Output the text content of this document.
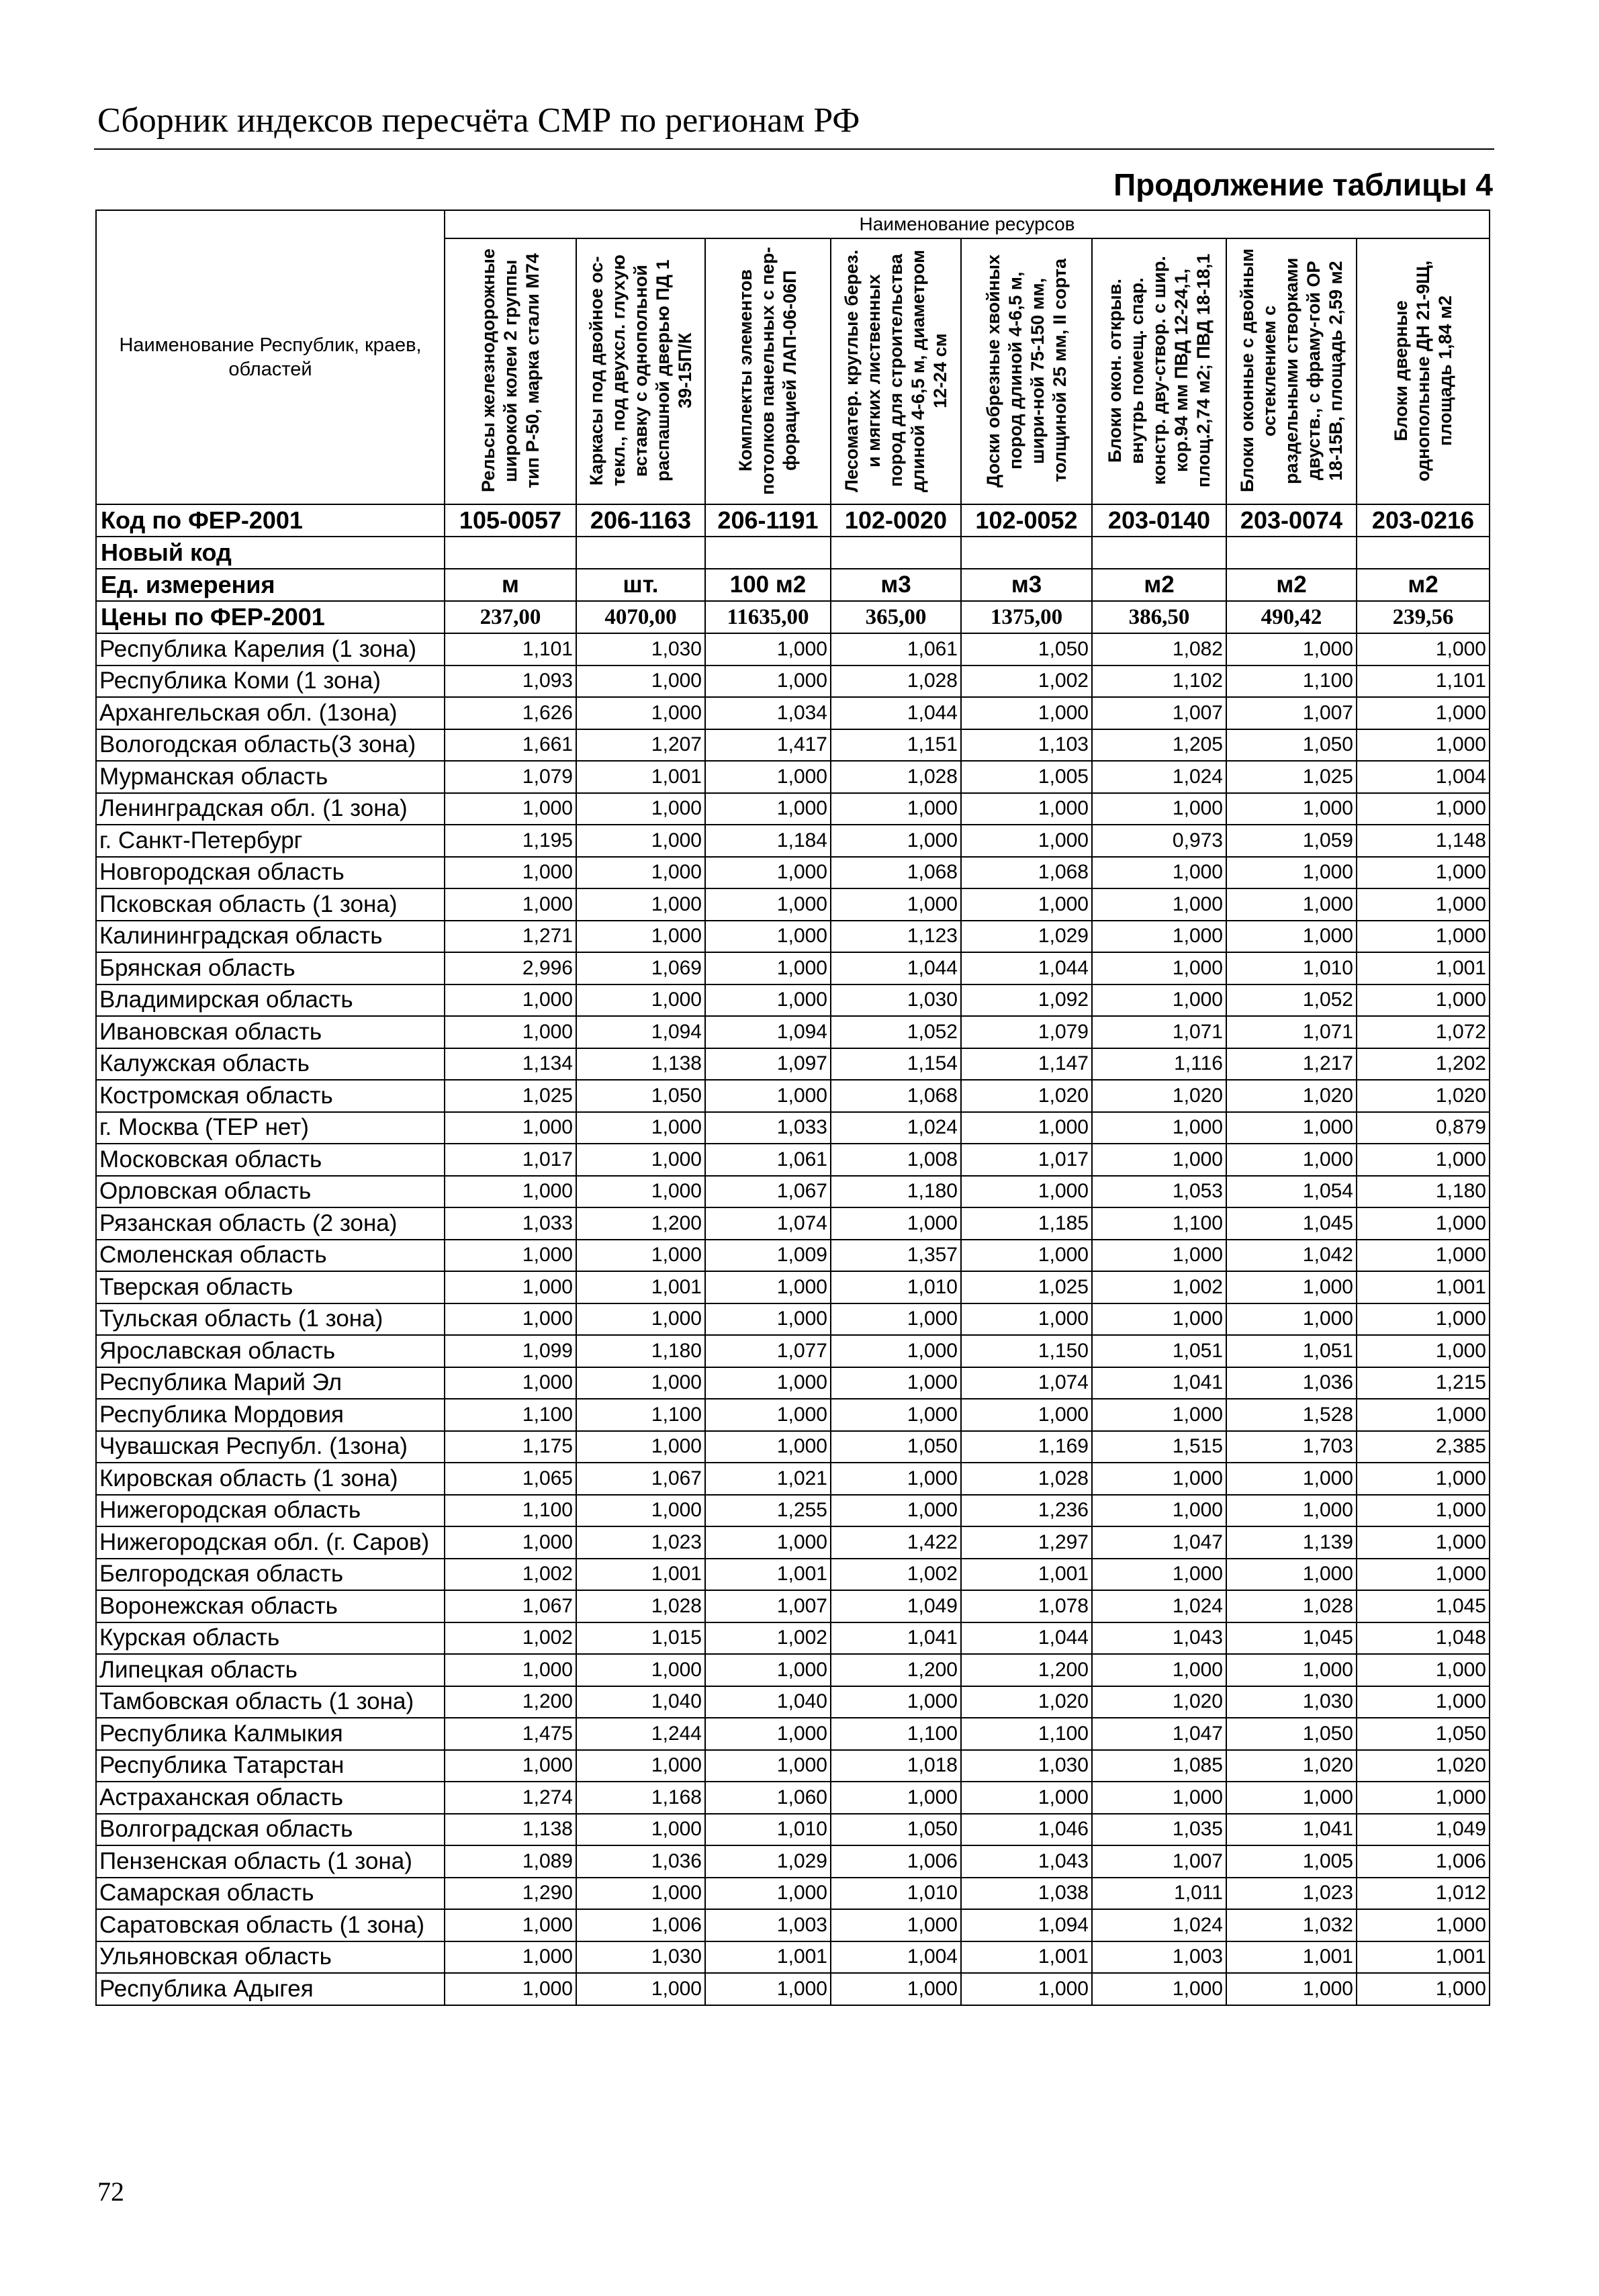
Сборник индексов пересчёта СМР по регионам РФ
Продолжение таблицы 4
Наименование Республик, краев, областей	Наименование ресурсов							
	Рельсы железнодорожные широкой колеи 2 группы тип Р-50, марка стали М74	Каркасы под двойное ос-текл., под двухсл. глухую вставку с однопольной распашной дверью ПД 1 39-15П/К	Комплекты элементов потолков панельных с пер-форацией ЛАП-06-06П	Лесоматер. круглые берез. и мягких лиственных пород для строительства длиной 4-6,5 м, диаметром 12-24 см	Доски обрезные хвойных пород длиной 4-6,5 м, шири-ной 75-150 мм, толщиной 25 мм, II сорта	Блоки окон. открыв. внутрь помещ. спар. констр. дву-створ. с шир. кор.94 мм ПВД 12-24,1, площ.2,74 м2; ПВД 18-18,1	Блоки оконные с двойным остеклением с раздельными створками двуств., с фраму-гой ОР 18-15В, площадь 2,59 м2	Блоки дверные однопольные ДН 21-9Щ, площадь 1,84 м2
Код по ФЕР-2001	105-0057	206-1163	206-1191	102-0020	102-0052	203-0140	203-0074	203-0216
Новый код								
Ед. измерения	м	шт.	100 м2	м3	м3	м2	м2	м2
Цены по ФЕР-2001	237,00	4070,00	11635,00	365,00	1375,00	386,50	490,42	239,56
Республика Карелия (1 зона)	1,101	1,030	1,000	1,061	1,050	1,082	1,000	1,000
Республика Коми (1 зона)	1,093	1,000	1,000	1,028	1,002	1,102	1,100	1,101
Архангельская обл. (1зона)	1,626	1,000	1,034	1,044	1,000	1,007	1,007	1,000
Вологодская область(3 зона)	1,661	1,207	1,417	1,151	1,103	1,205	1,050	1,000
Мурманская область	1,079	1,001	1,000	1,028	1,005	1,024	1,025	1,004
Ленинградская обл. (1 зона)	1,000	1,000	1,000	1,000	1,000	1,000	1,000	1,000
г. Санкт-Петербург	1,195	1,000	1,184	1,000	1,000	0,973	1,059	1,148
Новгородская область	1,000	1,000	1,000	1,068	1,068	1,000	1,000	1,000
Псковская область (1 зона)	1,000	1,000	1,000	1,000	1,000	1,000	1,000	1,000
Калининградская область	1,271	1,000	1,000	1,123	1,029	1,000	1,000	1,000
Брянская область	2,996	1,069	1,000	1,044	1,044	1,000	1,010	1,001
Владимирская область	1,000	1,000	1,000	1,030	1,092	1,000	1,052	1,000
Ивановская область	1,000	1,094	1,094	1,052	1,079	1,071	1,071	1,072
Калужская область	1,134	1,138	1,097	1,154	1,147	1,116	1,217	1,202
Костромская область	1,025	1,050	1,000	1,068	1,020	1,020	1,020	1,020
г. Москва (ТЕР нет)	1,000	1,000	1,033	1,024	1,000	1,000	1,000	0,879
Московская область	1,017	1,000	1,061	1,008	1,017	1,000	1,000	1,000
Орловская область	1,000	1,000	1,067	1,180	1,000	1,053	1,054	1,180
Рязанская область (2 зона)	1,033	1,200	1,074	1,000	1,185	1,100	1,045	1,000
Смоленская область	1,000	1,000	1,009	1,357	1,000	1,000	1,042	1,000
Тверская область	1,000	1,001	1,000	1,010	1,025	1,002	1,000	1,001
Тульская область (1 зона)	1,000	1,000	1,000	1,000	1,000	1,000	1,000	1,000
Ярославская область	1,099	1,180	1,077	1,000	1,150	1,051	1,051	1,000
Республика Марий Эл	1,000	1,000	1,000	1,000	1,074	1,041	1,036	1,215
Республика Мордовия	1,100	1,100	1,000	1,000	1,000	1,000	1,528	1,000
Чувашская Республ. (1зона)	1,175	1,000	1,000	1,050	1,169	1,515	1,703	2,385
Кировская область (1 зона)	1,065	1,067	1,021	1,000	1,028	1,000	1,000	1,000
Нижегородская область	1,100	1,000	1,255	1,000	1,236	1,000	1,000	1,000
Нижегородская обл. (г. Саров)	1,000	1,023	1,000	1,422	1,297	1,047	1,139	1,000
Белгородская область	1,002	1,001	1,001	1,002	1,001	1,000	1,000	1,000
Воронежская область	1,067	1,028	1,007	1,049	1,078	1,024	1,028	1,045
Курская область	1,002	1,015	1,002	1,041	1,044	1,043	1,045	1,048
Липецкая область	1,000	1,000	1,000	1,200	1,200	1,000	1,000	1,000
Тамбовская область (1 зона)	1,200	1,040	1,040	1,000	1,020	1,020	1,030	1,000
Республика Калмыкия	1,475	1,244	1,000	1,100	1,100	1,047	1,050	1,050
Республика Татарстан	1,000	1,000	1,000	1,018	1,030	1,085	1,020	1,020
Астраханская область	1,274	1,168	1,060	1,000	1,000	1,000	1,000	1,000
Волгоградская область	1,138	1,000	1,010	1,050	1,046	1,035	1,041	1,049
Пензенская область (1 зона)	1,089	1,036	1,029	1,006	1,043	1,007	1,005	1,006
Самарская область	1,290	1,000	1,000	1,010	1,038	1,011	1,023	1,012
Саратовская область (1 зона)	1,000	1,006	1,003	1,000	1,094	1,024	1,032	1,000
Ульяновская область	1,000	1,030	1,001	1,004	1,001	1,003	1,001	1,001
Республика Адыгея	1,000	1,000	1,000	1,000	1,000	1,000	1,000	1,000
72
